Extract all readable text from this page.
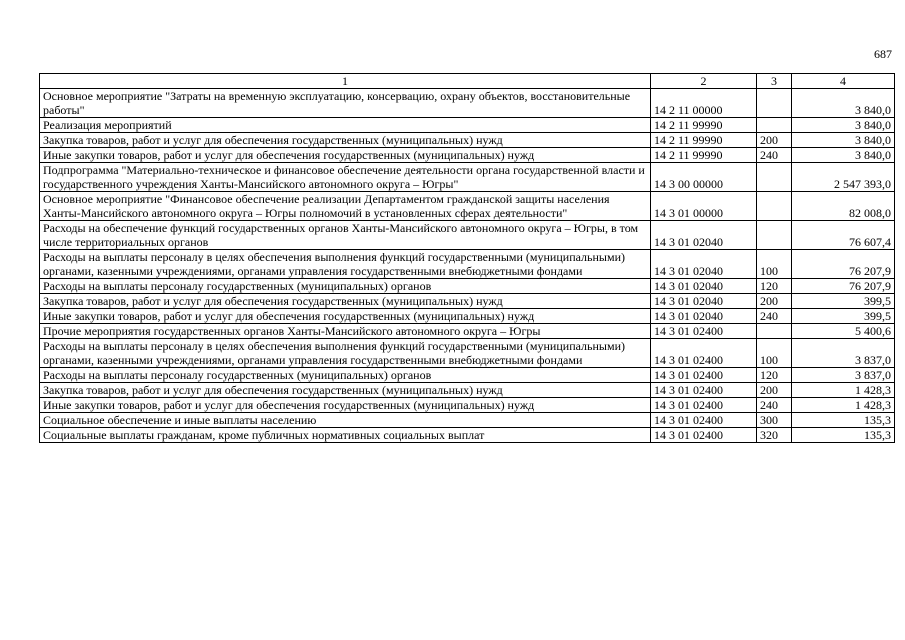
687
1	2	3	4
Основное мероприятие "Затраты на временную эксплуатацию, консервацию, охрану объектов, восстановительные работы"	14 2 11 00000		3 840,0
Реализация мероприятий	14 2 11 99990		3 840,0
Закупка товаров, работ и услуг для обеспечения государственных (муниципальных) нужд	14 2 11 99990	200	3 840,0
Иные закупки товаров, работ и услуг для обеспечения государственных (муниципальных) нужд	14 2 11 99990	240	3 840,0
Подпрограмма "Материально-техническое и финансовое обеспечение деятельности органа государственной власти и государственного учреждения Ханты-Мансийского автономного округа – Югры"	14 3 00 00000		2 547 393,0
Основное мероприятие "Финансовое обеспечение реализации Департаментом гражданской защиты населения Ханты-Мансийского автономного округа – Югры полномочий в установленных сферах деятельности"	14 3 01 00000		82 008,0
Расходы на обеспечение функций государственных органов Ханты-Мансийского автономного округа – Югры, в том числе территориальных органов	14 3 01 02040		76 607,4
Расходы на выплаты персоналу в целях обеспечения выполнения функций государственными (муниципальными) органами, казенными учреждениями, органами управления государственными внебюджетными фондами	14 3 01 02040	100	76 207,9
Расходы на выплаты персоналу государственных (муниципальных) органов	14 3 01 02040	120	76 207,9
Закупка товаров, работ и услуг для обеспечения государственных (муниципальных) нужд	14 3 01 02040	200	399,5
Иные закупки товаров, работ и услуг для обеспечения государственных (муниципальных) нужд	14 3 01 02040	240	399,5
Прочие мероприятия государственных органов Ханты-Мансийского автономного округа – Югры	14 3 01 02400		5 400,6
Расходы на выплаты персоналу в целях обеспечения выполнения функций государственными (муниципальными) органами, казенными учреждениями, органами управления государственными внебюджетными фондами	14 3 01 02400	100	3 837,0
Расходы на выплаты персоналу государственных (муниципальных) органов	14 3 01 02400	120	3 837,0
Закупка товаров, работ и услуг для обеспечения государственных (муниципальных) нужд	14 3 01 02400	200	1 428,3
Иные закупки товаров, работ и услуг для обеспечения государственных (муниципальных) нужд	14 3 01 02400	240	1 428,3
Социальное обеспечение и иные выплаты населению	14 3 01 02400	300	135,3
Социальные выплаты гражданам, кроме публичных нормативных социальных выплат	14 3 01 02400	320	135,3
